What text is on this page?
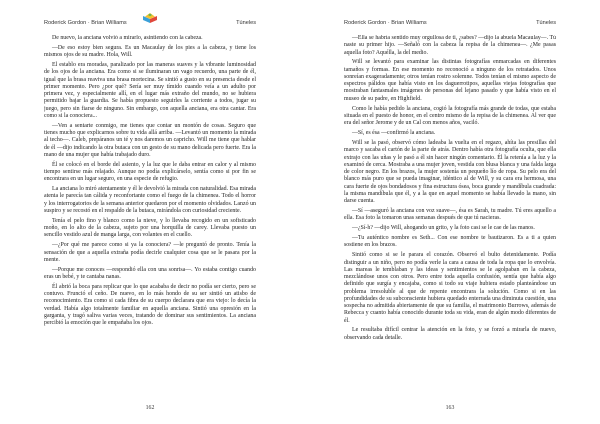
Roderick Gordon · Brian Williams	Túneles

De nuevo, la anciana volvió a mirarlo, asintiendo con la cabeza.

—De eso estoy bien segura. Es un Macaulay de los pies a la cabeza, y tiene los mismos ojos de su madre. Hola, Will.

El establo era moradas, paralizado por las maneras suaves y la vibrante luminosidad de los ojos de la anciana. Era como si se iluminaran un vago recuerdo, una parte de él, igual que la brasa reaviva una brasa mortecina. Se sintió a gusto en su presencia desde el primer momento. Pero ¿por qué? Sería ser muy tímido cuando veía a un adulto por primera vez, y especialmente allí, en el lugar más extraño del mundo, no se hubiera permitido bajar la guardia. Se había propuesto seguirles la corriente a todos, jugar su juego, pero sin fiarse de ninguno. Sin embargo, con aquella anciana, era otra cantar. Era como si la conociera...

—Ven a sentarte conmigo, me tienes que contar un montón de cosas. Seguro que tienes mucho que explicarnos sobre tu vida allá arriba. —Levantó un momento la mirada al techo—. Caleb, prepáranos un té y nos daremos un capricho. Will me tiene que hablar de él —dijo indicando la otra butaca con un gesto de su mano delicada pero fuerte. Era la mano de una mujer que había trabajado duro.

Él se colocó en el borde del asiento, y la luz que le daba entrar en calor y al mismo tiempo sentirse más relajado. Aunque no podía explicárselo, sentía como si por fin se encontrara en un lugar seguro, en una especie de refugio.

La anciana lo miró atentamente y él le devolvió la mirada con naturalidad. Esa mirada atenta le parecía tan cálida y reconfortante como el fuego de la chimenea. Todo el horror y los interrogatorios de la semana anterior quedaron por el momento olvidados. Lanzó un suspiro y se recostó en el respaldo de la butaca, mirándola con curiosidad creciente.

Tenía el pelo fino y blanco como la nieve, y lo llevaba recogido en un sofisticado moño, en lo alto de la cabeza, sujeto por una horquilla de carey. Llevaba puesto un sencillo vestido azul de manga larga, con volantes en el cuello.

—¿Por qué me parece como si ya la conociera? —le preguntó de pronto. Tenía la sensación de que a aquella extraña podía decirle cualquier cosa que se le pasara por la mente.

—Porque me conoces —respondió ella con una sonrisa—. Yo estaba contigo cuando eras un bebé, y te cantaba nanas.

Él abrió la boca para replicar que lo que acababa de decir no podía ser cierto, pero se contuvo. Frunció el ceño. De nuevo, en lo más hondo de su ser sintió un atisbo de reconocimiento. Era como si cada fibra de su cuerpo declarara que era viejo: lo decía la verdad. Había algo totalmente familiar en aquella anciana. Sintió una opresión en la garganta, y tragó saliva varias veces, tratando de dominar sus sentimientos. La anciana percibió la emoción que le empañaba los ojos.

162
Roderick Gordon · Brian Williams	Túneles

—Ella se habría sentido muy orgullosa de ti, ¿sabes? —dijo la abuela Macaulay—. Tú naste su primer hijo. —Señaló con la cabeza la repisa de la chimenea—. ¿Me pasas aquella foto? Aquélla, la del medio.

Will se levantó para examinar las distintas fotografías enmarcadas en diferentes tamaños y formas. En ese momento no reconoció a ninguno de los retratados. Unos sonreían exageradamente; otros tenían rostro solemne. Todos tenían el mismo aspecto de espectros pálidos que había visto en los daguerrotipos, aquellas viejas fotografías que mostraban fantasmales imágenes de personas del lejano pasado y que había visto en el museo de su padre, en Highfield.

Como le había pedido la anciana, cogió la fotografía más grande de todas, que estaba situada en el puesto de honor, en el centro mismo de la repisa de la chimenea. Al ver que era del señor Jerome y de un Cal con menos años, vaciló.

—Sí, es ésa —confirmó la anciana.

Will se la pasó, observó cómo ladeaba la vuelta en el regazo, ahíta las presillas del marco y sacaba el cartón de la parte de atrás. Dentro había otra fotografía oculta, que ella extrajo con las uñas y le pasó a él sin hacer ningún comentario. Él la retenía a la luz y la examinó de cerca. Mostraba a una mujer joven, vestida con blusa blanca y una falda larga de color negro. En los brazos, la mujer sostenía un pequeño lío de ropa. Su pelo era del blanco más puro que se pueda imaginar, idéntico al de Will, y su cara era hermosa, una cara fuerte de ojos bondadosos y fina estructura ósea, boca grande y mandíbula cuadrada: la misma mandíbula que él, y a la que en aquel momento se había llevado la mano, sin darse cuenta.

—Sí —aseguró la anciana con voz suave—, ésa es Sarah, tu madre. Tú eres aquello a ella. Esa foto la tomaron unas semanas después de que tú nacieras.

—¿Sí-h? —dijo Will, ahogando un grito, y la foto casi se le cae de las manos.

—Tu auténtico nombre es Seth... Con ese nombre te bautizaron. Es a ti a quien sostiene en los brazos.

Sintió como si se le parara el corazón. Observó el bulto detenidamente. Podía distinguir a un niño, pero no podía verle la cara a causa de toda la ropa que lo envolvía. Las mareas le temblaban y las ideas y sentimientos se le agolpaban en la cabeza, mezclándose unos con otros. Pero entre toda aquella confusión, sentía que había algo definido que surgía y encajaba, como si todo su viaje hubiera estado planteándose un problema irresoluble al que de repente encontrara la solución. Como si en las profundidades de su subconsciente hubiera quedado enterrada una diminuta cuestión, una sospecha no admitida abiertamente de que su familia, el matrimonio Burrows, además de Rebecca y cuanto había conocido durante toda su vida, eran de algún modo diferentes de él.

Le resultaba difícil centrar la atención en la foto, y se forzó a mirarla de nuevo, observando cada detalle.

163
